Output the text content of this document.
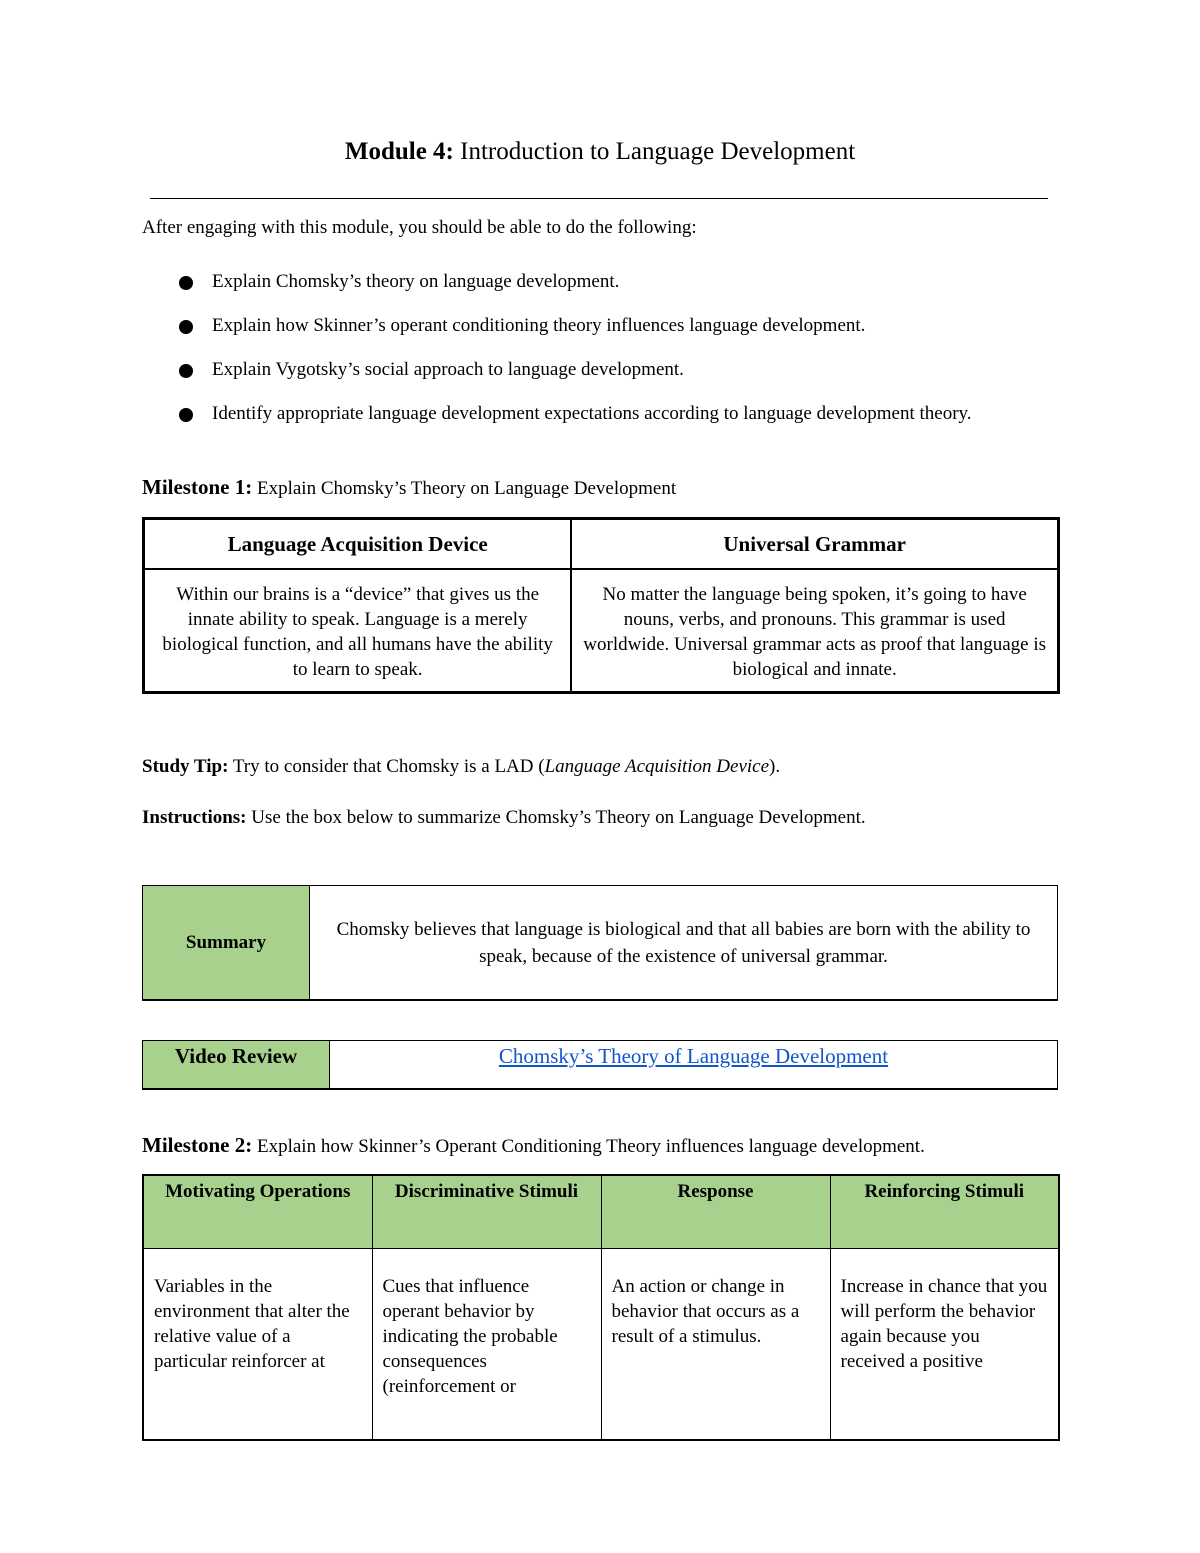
Module 4: Introduction to Language Development
After engaging with this module, you should be able to do the following:
Explain Chomsky’s theory on language development.
Explain how Skinner’s operant conditioning theory influences language development.
Explain Vygotsky’s social approach to language development.
Identify appropriate language development expectations according to language development theory.
Milestone 1: Explain Chomsky’s Theory on Language Development
Language Acquisition Device	Universal Grammar
Within our brains is a “device” that gives us the innate ability to speak. Language is a merely biological function, and all humans have the ability to learn to speak.	No matter the language being spoken, it’s going to have nouns, verbs, and pronouns. This grammar is used worldwide. Universal grammar acts as proof that language is biological and innate.
Study Tip: Try to consider that Chomsky is a LAD (Language Acquisition Device).
Instructions: Use the box below to summarize Chomsky’s Theory on Language Development.
Summary	Chomsky believes that language is biological and that all babies are born with the ability to speak, because of the existence of universal grammar.
Video Review	Chomsky’s Theory of Language Development
Milestone 2: Explain how Skinner’s Operant Conditioning Theory influences language development.
Motivating Operations	Discriminative Stimuli	Response	Reinforcing Stimuli
Variables in the environment that alter the relative value of a particular reinforcer at	Cues that influence operant behavior by indicating the probable consequences (reinforcement or	An action or change in behavior that occurs as a result of a stimulus.	Increase in chance that you will perform the behavior again because you received a positive
